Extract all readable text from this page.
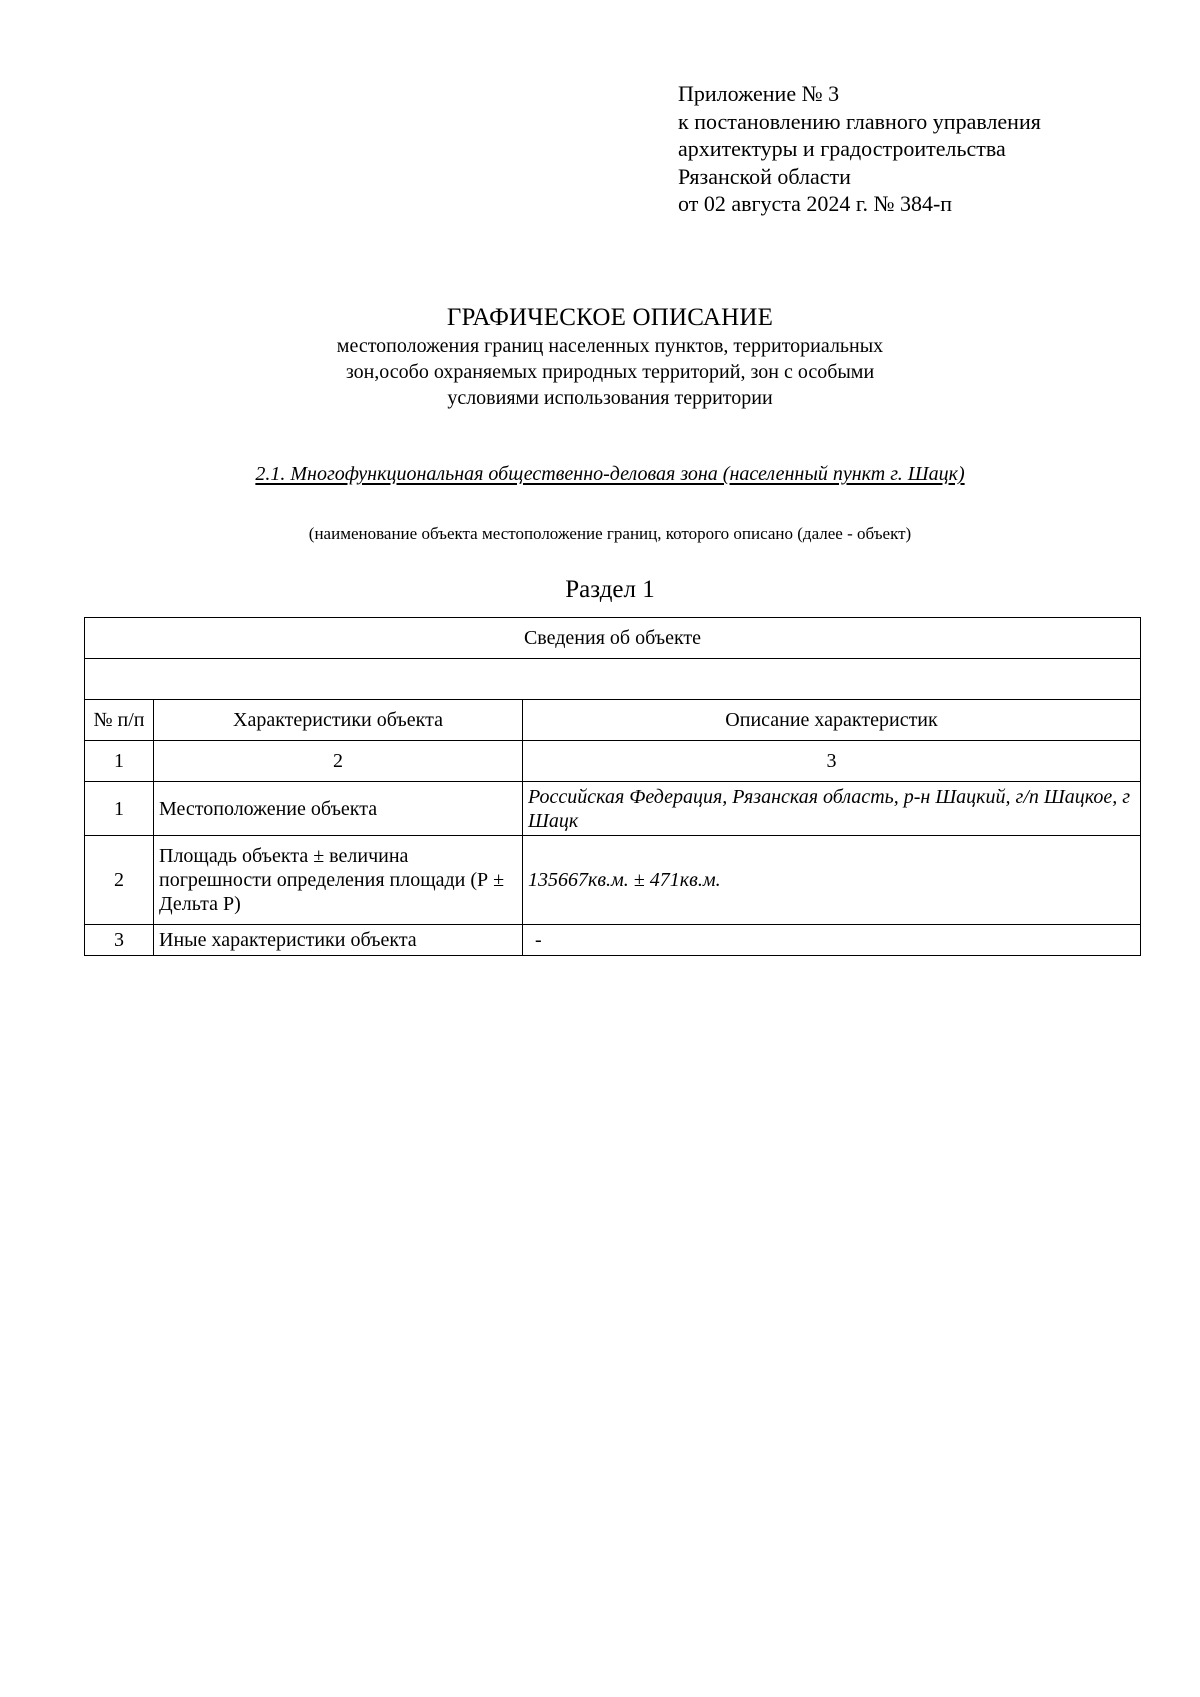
Приложение № 3
к постановлению главного управления
архитектуры и градостроительства
Рязанской области
от 02 августа 2024 г. № 384-п
ГРАФИЧЕСКОЕ ОПИСАНИЕ
местоположения границ населенных пунктов, территориальных
зон,особо охраняемых природных территорий, зон с особыми
условиями использования территории
2.1. Многофункциональная общественно-деловая зона (населенный пункт г. Шацк)
(наименование объекта местоположение границ, которого описано (далее - объект)
Раздел 1
Сведения об объекте		

№ п/п	Характеристики объекта	Описание характеристик
1	2	3
1	Местоположение объекта	Российская Федерация, Рязанская область, р-н Шацкий, г/п Шацкое, г Шацк
2	Площадь объекта ± величина погрешности определения площади (Р ± Дельта Р)	135667кв.м. ± 471кв.м.
3	Иные характеристики объекта	-
